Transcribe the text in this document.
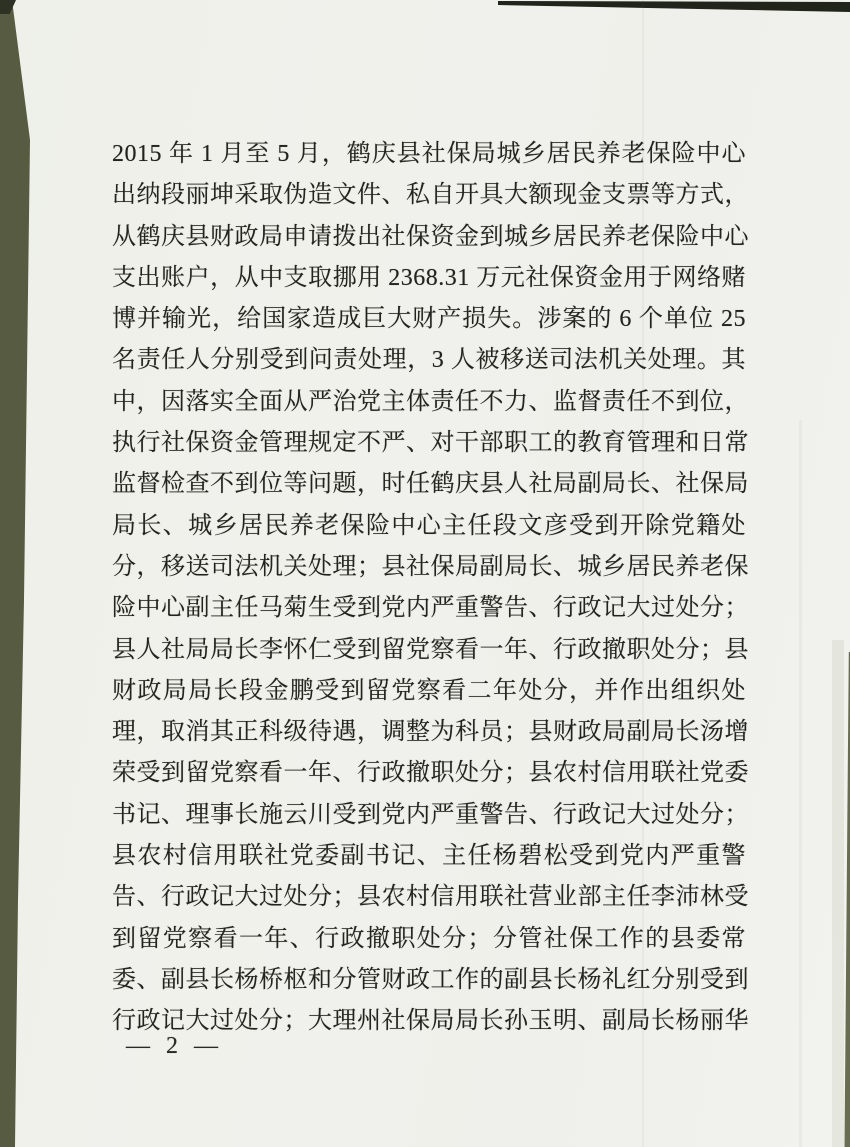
2015 年 1 月至 5 月，鹤庆县社保局城乡居民养老保险中心
出纳段丽坤采取伪造文件、私自开具大额现金支票等方式，
从鹤庆县财政局申请拨出社保资金到城乡居民养老保险中心
支出账户，从中支取挪用 2368.31 万元社保资金用于网络赌
博并输光，给国家造成巨大财产损失。涉案的 6 个单位 25
名责任人分别受到问责处理，3 人被移送司法机关处理。其
中，因落实全面从严治党主体责任不力、监督责任不到位，
执行社保资金管理规定不严、对干部职工的教育管理和日常
监督检查不到位等问题，时任鹤庆县人社局副局长、社保局
局长、城乡居民养老保险中心主任段文彦受到开除党籍处
分，移送司法机关处理；县社保局副局长、城乡居民养老保
险中心副主任马菊生受到党内严重警告、行政记大过处分；
县人社局局长李怀仁受到留党察看一年、行政撤职处分；县
财政局局长段金鹏受到留党察看二年处分，并作出组织处
理，取消其正科级待遇，调整为科员；县财政局副局长汤增
荣受到留党察看一年、行政撤职处分；县农村信用联社党委
书记、理事长施云川受到党内严重警告、行政记大过处分；
县农村信用联社党委副书记、主任杨碧松受到党内严重警
告、行政记大过处分；县农村信用联社营业部主任李沛林受
到留党察看一年、行政撤职处分；分管社保工作的县委常
委、副县长杨桥枢和分管财政工作的副县长杨礼红分别受到
行政记大过处分；大理州社保局局长孙玉明、副局长杨丽华
— 2 —
